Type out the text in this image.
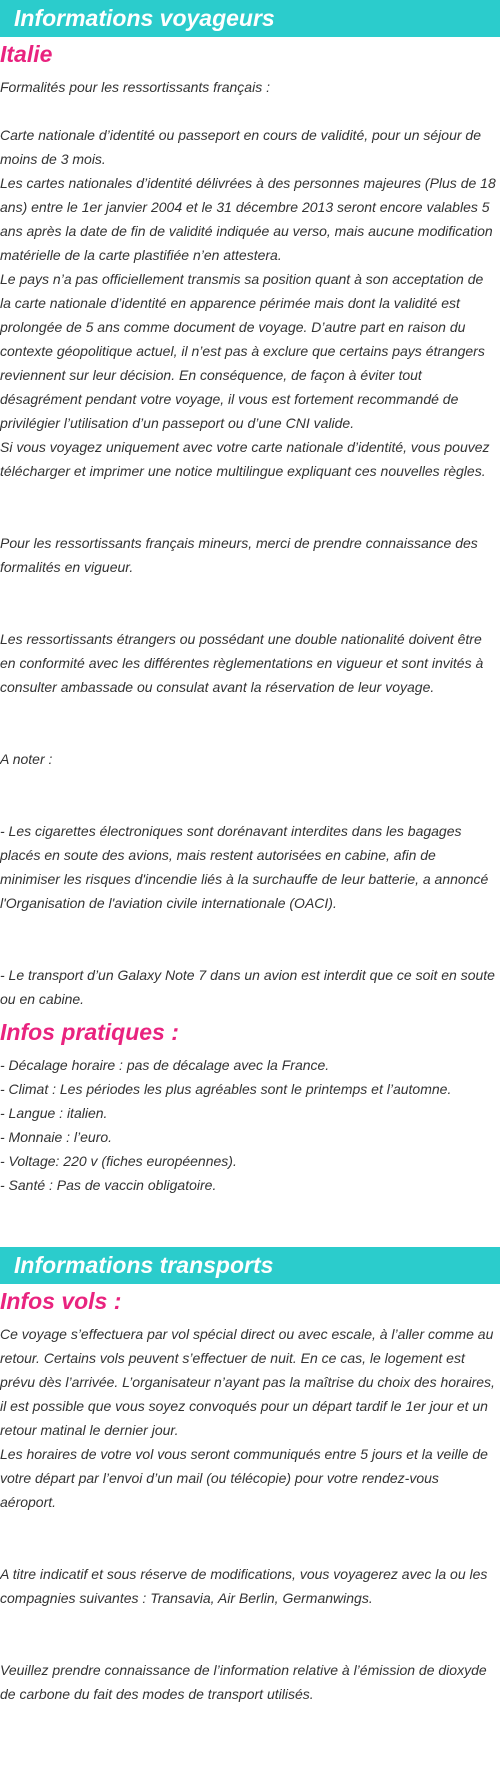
Informations voyageurs
Italie

Formalités pour les ressortissants français :

Carte nationale d’identité ou passeport en cours de validité, pour un séjour de moins de 3 mois.
Les cartes nationales d’identité délivrées à des personnes majeures (Plus de 18 ans) entre le 1er janvier 2004 et le 31 décembre 2013 seront encore valables 5 ans après la date de fin de validité indiquée au verso, mais aucune modification matérielle de la carte plastifiée n’en attestera.
Le pays n’a pas officiellement transmis sa position quant à son acceptation de la carte nationale d’identité en apparence périmée mais dont la validité est prolongée de 5 ans comme document de voyage. D’autre part en raison du contexte géopolitique actuel, il n’est pas à exclure que certains pays étrangers reviennent sur leur décision. En conséquence, de façon à éviter tout désagrément pendant votre voyage, il vous est fortement recommandé de privilégier l’utilisation d’un passeport ou d’une CNI valide.
Si vous voyagez uniquement avec votre carte nationale d’identité, vous pouvez télécharger et imprimer une notice multilingue expliquant ces nouvelles règles.

Pour les ressortissants français mineurs, merci de prendre connaissance des formalités en vigueur.

Les ressortissants étrangers ou possédant une double nationalité doivent être en conformité avec les différentes règlementations en vigueur et sont invités à consulter ambassade ou consulat avant la réservation de leur voyage.

A noter :

- Les cigarettes électroniques sont dorénavant interdites dans les bagages placés en soute des avions, mais restent autorisées en cabine, afin de minimiser les risques d'incendie liés à la surchauffe de leur batterie, a annoncé l'Organisation de l'aviation civile internationale (OACI).

- Le transport d’un Galaxy Note 7 dans un avion est interdit que ce soit en soute ou en cabine.

Infos pratiques :
- Décalage horaire : pas de décalage avec la France.
- Climat : Les périodes les plus agréables sont le printemps et l’automne.
- Langue : italien.
- Monnaie : l’euro.
- Voltage: 220 v (fiches européennes).
- Santé : Pas de vaccin obligatoire.
Informations transports
Infos vols :

Ce voyage s’effectuera par vol spécial direct ou avec escale, à l’aller comme au retour. Certains vols peuvent s’effectuer de nuit. En ce cas, le logement est prévu dès l’arrivée. L’organisateur n’ayant pas la maîtrise du choix des horaires, il est possible que vous soyez convoqués pour un départ tardif le 1er jour et un retour matinal le dernier jour.
Les horaires de votre vol vous seront communiqués entre 5 jours et la veille de votre départ par l’envoi d’un mail (ou télécopie) pour votre rendez-vous aéroport.

A titre indicatif et sous réserve de modifications, vous voyagerez avec la ou les compagnies suivantes : Transavia, Air Berlin, Germanwings.

Veuillez prendre connaissance de l’information relative à l’émission de dioxyde de carbone du fait des modes de transport utilisés.
